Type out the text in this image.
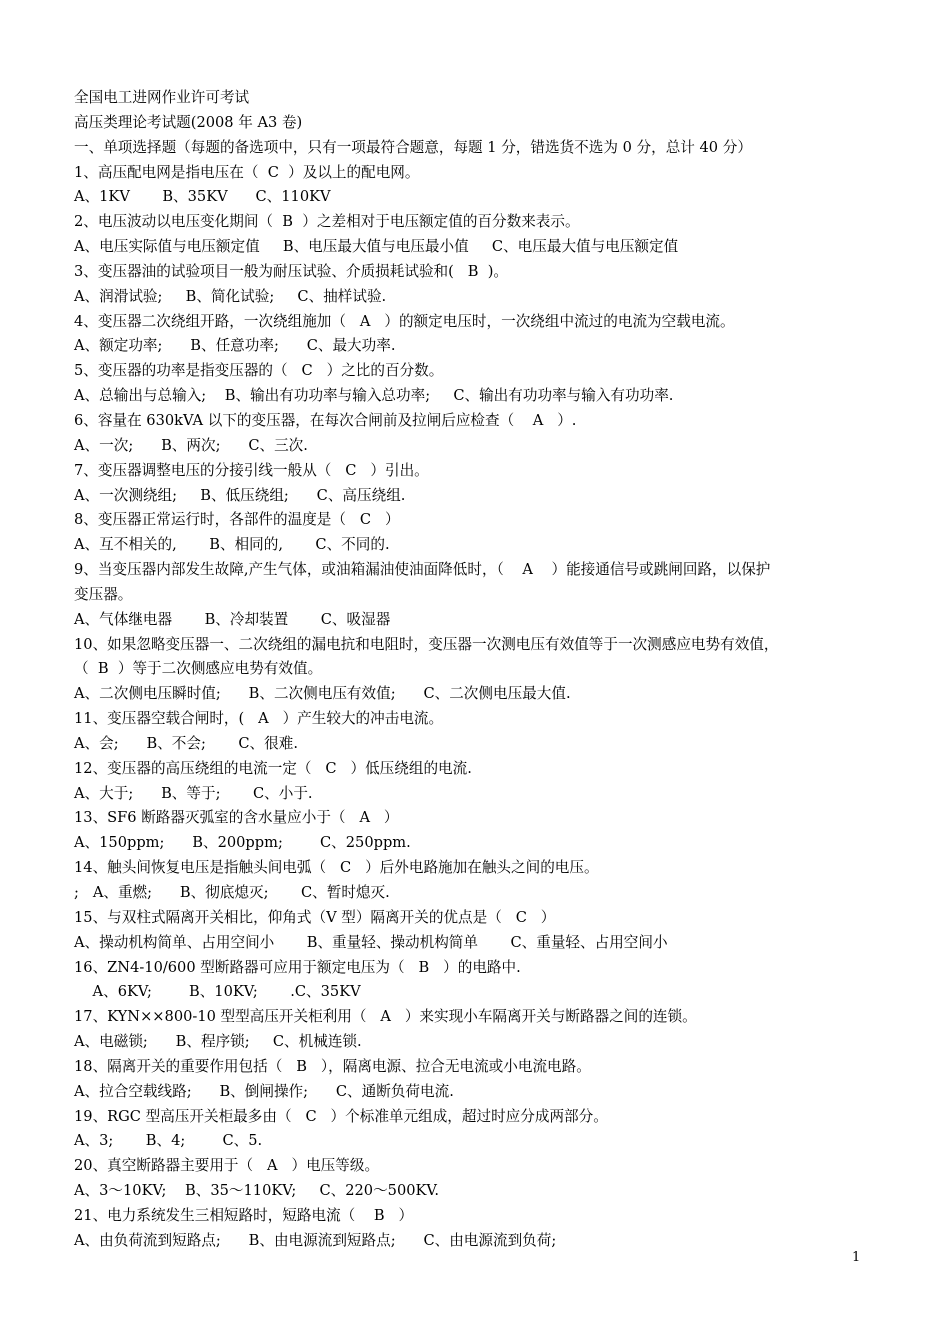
全国电工进网作业许可考试
高压类理论考试题(2008 年 A3 卷)
一、单项选择题（每题的备选项中，只有一项最符合题意，每题 1 分，错选货不选为 0 分，总计 40 分）
1、高压配电网是指电压在（  C  ）及以上的配电网。
A、1KV       B、35KV      C、110KV
2、电压波动以电压变化期间（  B  ）之差相对于电压额定值的百分数来表示。
A、电压实际值与电压额定值     B、电压最大值与电压最小值     C、电压最大值与电压额定值
3、变压器油的试验项目一般为耐压试验、介质损耗试验和(   B  )。
A、润滑试验;     B、简化试验;     C、抽样试验.
4、变压器二次绕组开路，一次绕组施加（   A   ）的额定电压时，一次绕组中流过的电流为空载电流。
A、额定功率;      B、任意功率;      C、最大功率.
5、变压器的功率是指变压器的（   C   ）之比的百分数。
A、总输出与总输入;    B、输出有功功率与输入总功率;     C、输出有功功率与输入有功功率.
6、容量在 630kVA 以下的变压器，在每次合闸前及拉闸后应检查（    A   ）.
A、一次;      B、两次;      C、三次.
7、变压器调整电压的分接引线一般从（   C   ）引出。
A、一次测绕组;     B、低压绕组;      C、高压绕组.
8、变压器正常运行时，各部件的温度是（   C   ）
A、互不相关的,       B、相同的,       C、不同的.
9、当变压器内部发生故障,产生气体，或油箱漏油使油面降低时，（    A    ）能接通信号或跳闸回路，以保护
变压器。
A、气体继电器       B、冷却装置       C、吸湿器
10、如果忽略变压器一、二次绕组的漏电抗和电阻时，变压器一次测电压有效值等于一次测感应电势有效值，
（  B  ）等于二次侧感应电势有效值。
A、二次侧电压瞬时值;      B、二次侧电压有效值;      C、二次侧电压最大值.
11、变压器空载合闸时，(   A   ）产生较大的冲击电流。
A、会;      B、不会;       C、很难.
12、变压器的高压绕组的电流一定（   C   ）低压绕组的电流.
A、大于;      B、等于;       C、小于.
13、SF6 断路器灭弧室的含水量应小于（   A   ）
A、150ppm;      B、200ppm;        C、250ppm.
14、触头间恢复电压是指触头间电弧（   C   ）后外电路施加在触头之间的电压。
;   A、重燃;      B、彻底熄灭;       C、暂时熄灭.
15、与双柱式隔离开关相比，仰角式（V 型）隔离开关的优点是（   C   ）
A、操动机构简单、占用空间小       B、重量轻、操动机构简单       C、重量轻、占用空间小
16、ZN4-10/600 型断路器可应用于额定电压为（   B   ）的电路中.
A、6KV;        B、10KV;       .C、35KV
17、KYN××800-10 型型高压开关柜利用（   A   ）来实现小车隔离开关与断路器之间的连锁。
A、电磁锁;      B、程序锁;     C、机械连锁.
18、隔离开关的重要作用包括（   B   ），隔离电源、拉合无电流或小电流电路。
A、拉合空载线路;      B、倒闸操作;      C、通断负荷电流.
19、RGC 型高压开关柜最多由（   C   ）个标准单元组成，超过时应分成两部分。
A、3;       B、4;        C、5.
20、真空断路器主要用于（   A   ）电压等级。
A、3～10KV;    B、35～110KV;     C、220～500KV.
21、电力系统发生三相短路时，短路电流（    B   ）
A、由负荷流到短路点;      B、由电源流到短路点;      C、由电源流到负荷;
1
